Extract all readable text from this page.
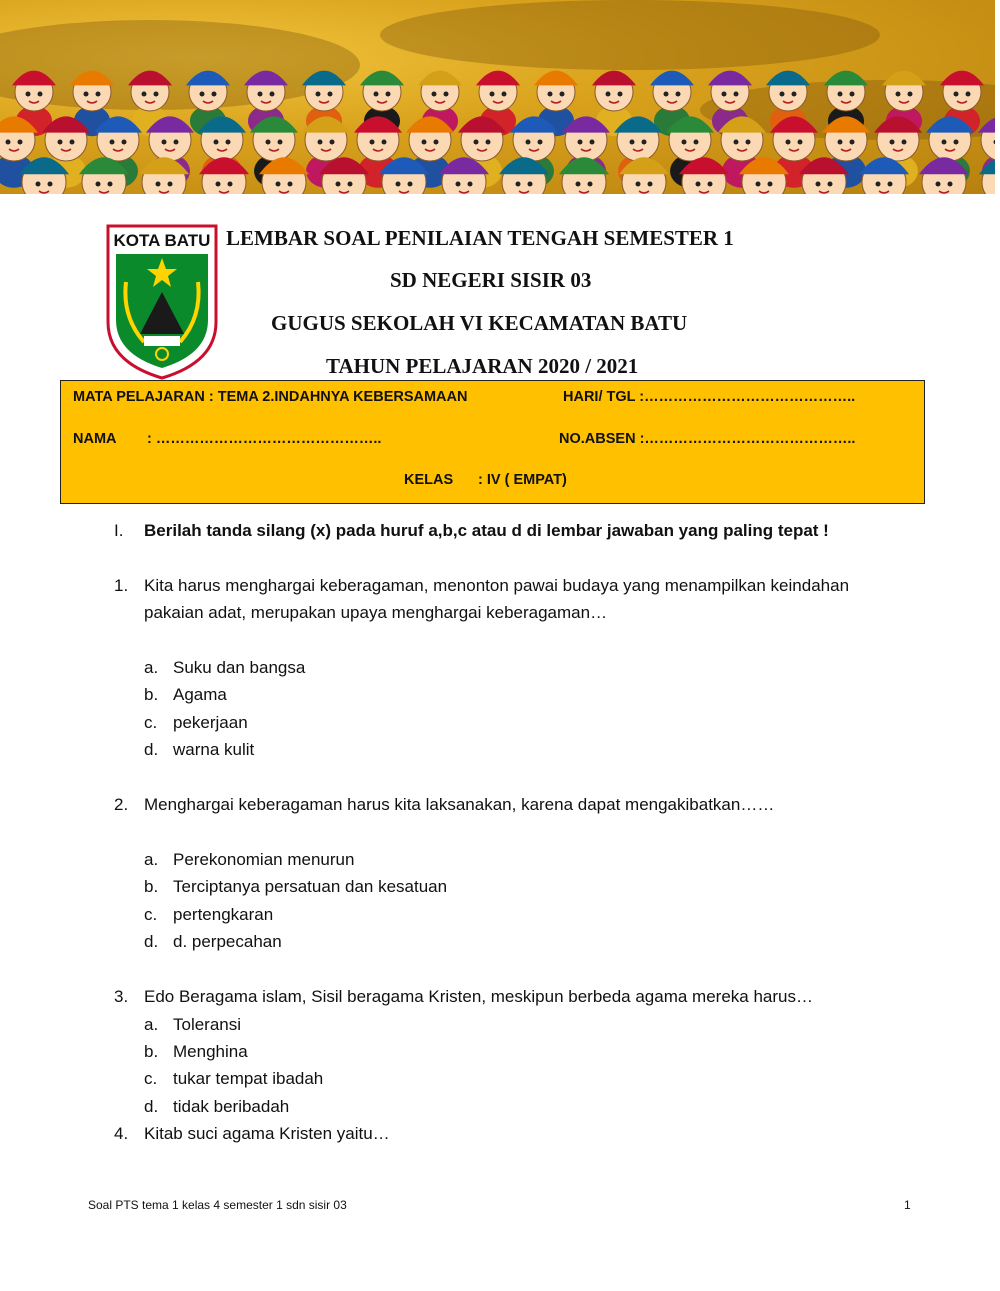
KOTA BATU LEMBAR SOAL PENILAIAN TENGAH SEMESTER 1
SD NEGERI SISIR 03
GUGUS SEKOLAH VI KECAMATAN BATU
TAHUN PELAJARAN 2020 / 2021
MATA PELAJARAN : TEMA 2.INDAHNYA KEBERSAMAAN	HARI/ TGL :……………………………………..
NAMA : ………………………………………..	NO.ABSEN :……………………………………..
KELAS : IV ( EMPAT)
I. Berilah tanda silang (x) pada huruf a,b,c atau d di lembar jawaban yang paling tepat !
1. Kita harus menghargai keberagaman, menonton pawai budaya yang menampilkan keindahan
pakaian adat, merupakan upaya menghargai keberagaman…
a. Suku dan bangsa
b. Agama
c. pekerjaan
d. warna kulit
2. Menghargai keberagaman harus kita laksanakan, karena dapat mengakibatkan……
a. Perekonomian menurun
b. Terciptanya persatuan dan kesatuan
c. pertengkaran
d. d. perpecahan
3. Edo Beragama islam, Sisil beragama Kristen, meskipun berbeda agama mereka harus…
a. Toleransi
b. Menghina
c. tukar tempat ibadah
d. tidak beribadah
4. Kitab suci agama Kristen yaitu…
Soal PTS tema 1 kelas 4 semester 1 sdn sisir 03	1
